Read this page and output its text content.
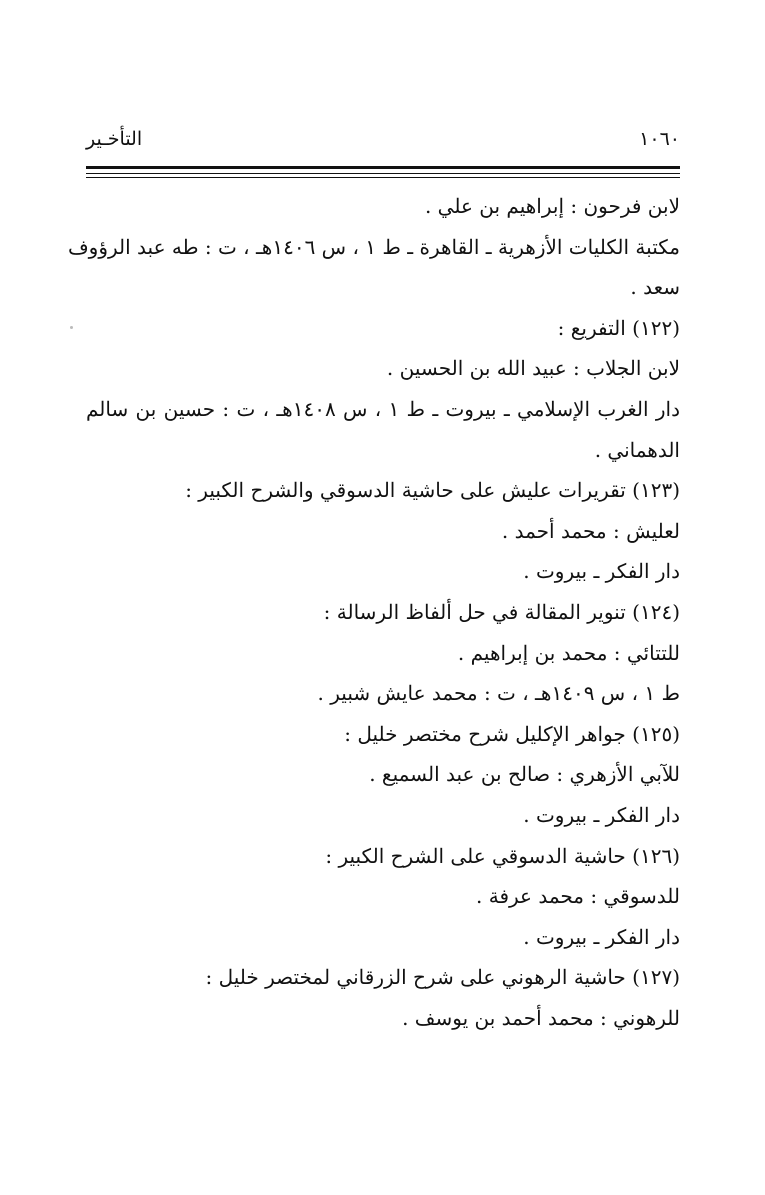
التأخـير	١٠٦٠
لابن فرحون : إبراهيم بن علي .
مكتبة الكليات الأزهرية ـ القاهرة ـ ط ١ ، س ١٤٠٦هـ ، ت : طه عبد الرؤوف
سعد .
(١٢٢) التفريع :
لابن الجلاب : عبيد الله بن الحسين .
دار الغرب الإسلامي ـ بيروت ـ ط ١ ، س ١٤٠٨هـ ، ت : حسين بن سالم
الدهماني .
(١٢٣) تقريرات عليش على حاشية الدسوقي والشرح الكبير :
لعليش : محمد أحمد .
دار الفكر ـ بيروت .
(١٢٤) تنوير المقالة في حل ألفاظ الرسالة :
للتتائي : محمد بن إبراهيم .
ط ١ ، س ١٤٠٩هـ ، ت : محمد عايش شبير .
(١٢٥) جواهر الإكليل شرح مختصر خليل :
للآبي الأزهري : صالح بن عبد السميع .
دار الفكر ـ بيروت .
(١٢٦) حاشية الدسوقي على الشرح الكبير :
للدسوقي : محمد عرفة .
دار الفكر ـ بيروت .
(١٢٧) حاشية الرهوني على شرح الزرقاني لمختصر خليل :
للرهوني : محمد أحمد بن يوسف .
